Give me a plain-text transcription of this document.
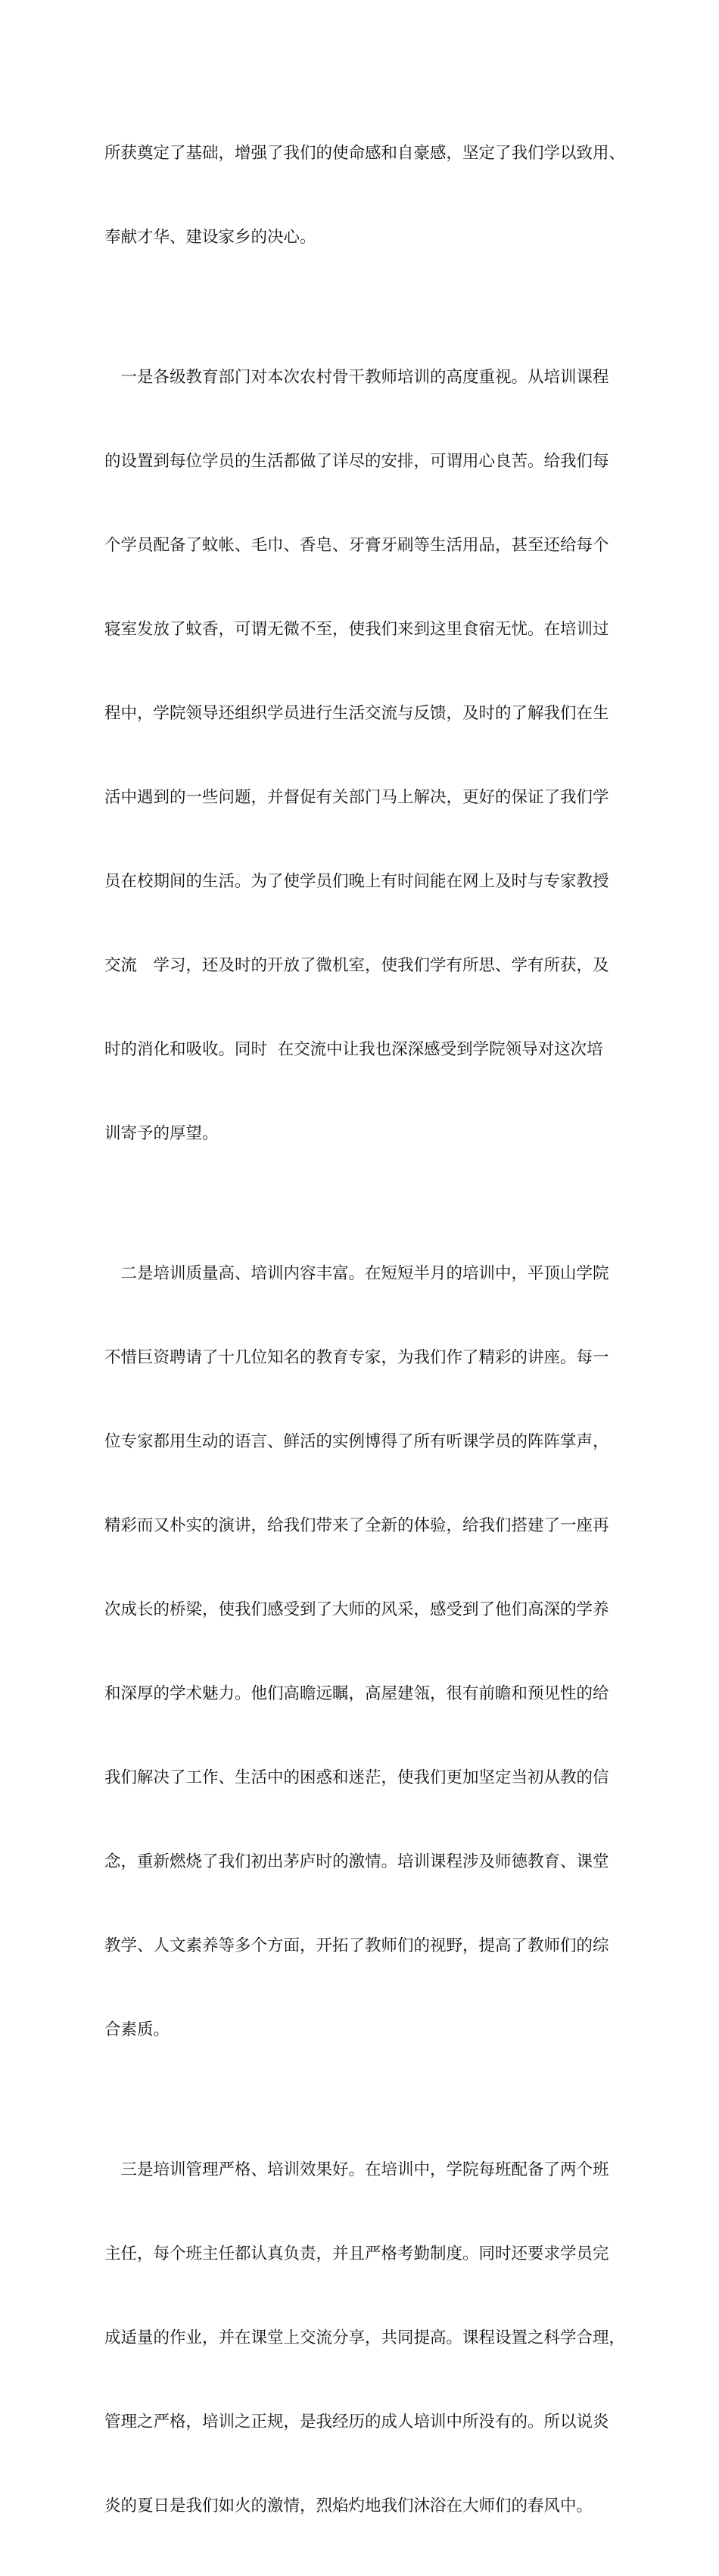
所获奠定了基础，增强了我们的使命感和自豪感，坚定了我们学以致用、

奉献才华、建设家乡的决心。

　一是各级教育部门对本次农村骨干教师培训的高度重视。从培训课程

的设置到每位学员的生活都做了详尽的安排，可谓用心良苦。给我们每

个学员配备了蚊帐、毛巾、香皂、牙膏牙刷等生活用品，甚至还给每个

寝室发放了蚊香，可谓无微不至，使我们来到这里食宿无忧。在培训过

程中，学院领导还组织学员进行生活交流与反馈，及时的了解我们在生

活中遇到的一些问题，并督促有关部门马上解决，更好的保证了我们学

员在校期间的生活。为了使学员们晚上有时间能在网上及时与专家教授

交流　学习，还及时的开放了微机室，使我们学有所思、学有所获，及

时的消化和吸收。同时  在交流中让我也深深感受到学院领导对这次培

训寄予的厚望。

　二是培训质量高、培训内容丰富。在短短半月的培训中，平顶山学院

不惜巨资聘请了十几位知名的教育专家，为我们作了精彩的讲座。每一

位专家都用生动的语言、鲜活的实例博得了所有听课学员的阵阵掌声，

精彩而又朴实的演讲，给我们带来了全新的体验，给我们搭建了一座再

次成长的桥梁，使我们感受到了大师的风采，感受到了他们高深的学养

和深厚的学术魅力。他们高瞻远瞩，高屋建瓴，很有前瞻和预见性的给

我们解决了工作、生活中的困惑和迷茫，使我们更加坚定当初从教的信

念，重新燃烧了我们初出茅庐时的激情。培训课程涉及师德教育、课堂

教学、人文素养等多个方面，开拓了教师们的视野，提高了教师们的综

合素质。

　三是培训管理严格、培训效果好。在培训中，学院每班配备了两个班

主任，每个班主任都认真负责，并且严格考勤制度。同时还要求学员完

成适量的作业，并在课堂上交流分享，共同提高。课程设置之科学合理，

管理之严格，培训之正规，是我经历的成人培训中所没有的。所以说炎

炎的夏日是我们如火的激情，烈焰灼地我们沐浴在大师们的春风中。
